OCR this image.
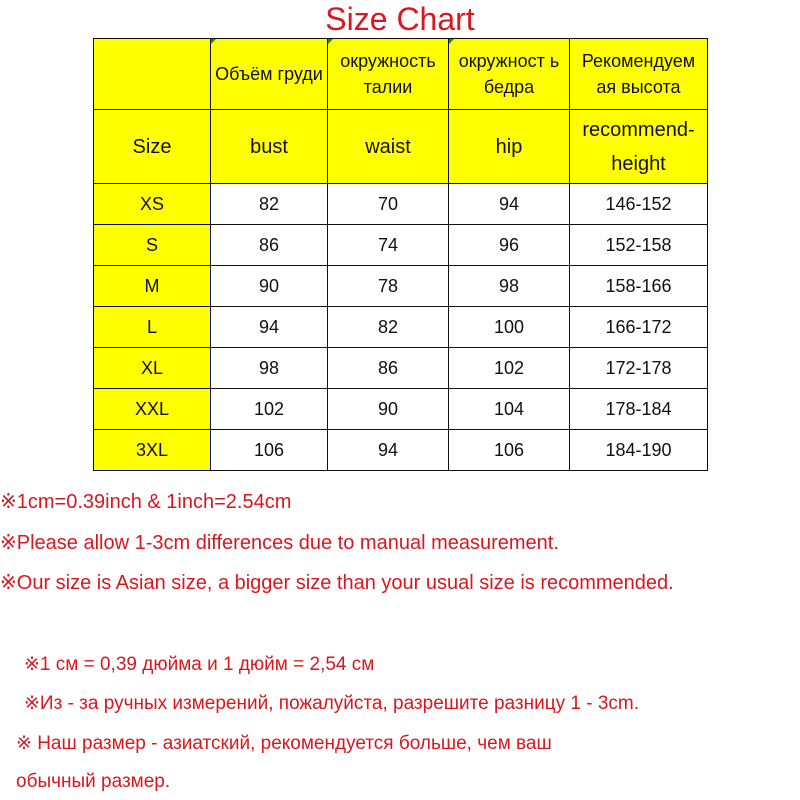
Size Chart
	Объём груди	окружность талии	окружност ь бедра	Рекомендуем ая высота
Size	bust	waist	hip	recommend-height
XS	82	70	94	146-152
S	86	74	96	152-158
M	90	78	98	158-166
L	94	82	100	166-172
XL	98	86	102	172-178
XXL	102	90	104	178-184
3XL	106	94	106	184-190
※1cm=0.39inch & 1inch=2.54cm
※Please allow 1-3cm differences due to manual measurement.
※Our size is Asian size, a bigger size than your usual size is recommended.
※1 см = 0,39 дюйма и 1 дюйм = 2,54 см
※Из - за ручных измерений, пожалуйста, разрешите разницу 1 - 3cm.
※ Наш размер - азиатский, рекомендуется больше, чем ваш
обычный размер.
